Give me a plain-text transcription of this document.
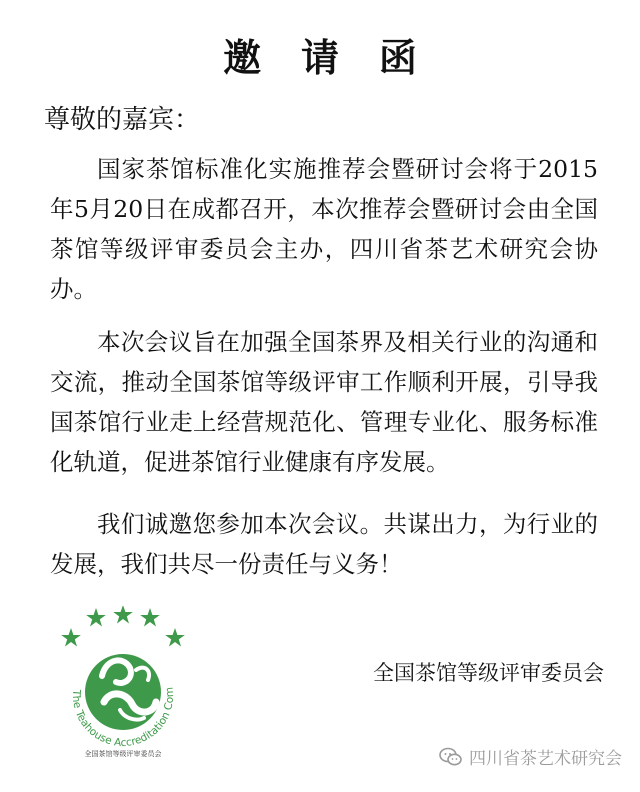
邀 请 函
尊敬的嘉宾：

国家茶馆标准化实施推荐会暨研讨会将于2015年5月20日在成都召开，本次推荐会暨研讨会由全国茶馆等级评审委员会主办，四川省茶艺术研究会协办。

本次会议旨在加强全国茶界及相关行业的沟通和交流，推动全国茶馆等级评审工作顺利开展，引导我国茶馆行业走上经营规范化、管理专业化、服务标准化轨道，促进茶馆行业健康有序发展。

我们诚邀您参加本次会议。共谋出力，为行业的发展，我们共尽一份责任与义务！

The Teahouse Accreditation Com
全国茶馆等级评审委员会
全国茶馆等级评审委员会
四川省茶艺术研究会
